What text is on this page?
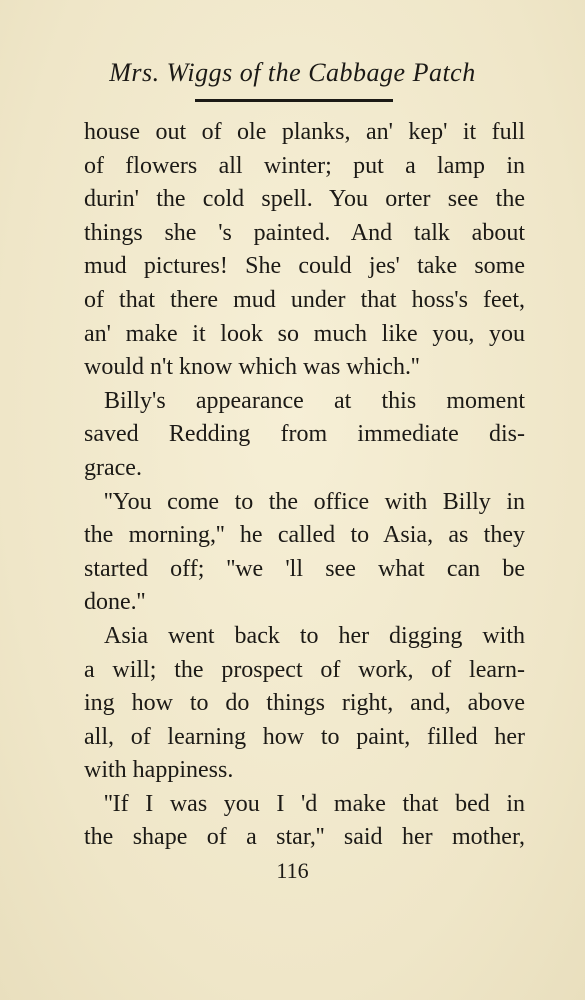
Mrs. Wiggs of the Cabbage Patch
house out of ole planks, an' kep' it full
of flowers all winter; put a lamp in
durin' the cold spell. You orter see the
things she 's painted. And talk about
mud pictures! She could jes' take some
of that there mud under that hoss's feet,
an' make it look so much like you, you
would n't know which was which.''
Billy's appearance at this moment
saved Redding from immediate dis-
grace.
''You come to the office with Billy in
the morning,'' he called to Asia, as they
started off; ''we 'll see what can be
done.''
Asia went back to her digging with
a will; the prospect of work, of learn-
ing how to do things right, and, above
all, of learning how to paint, filled her
with happiness.
''If I was you I 'd make that bed in
the shape of a star,'' said her mother,
116
